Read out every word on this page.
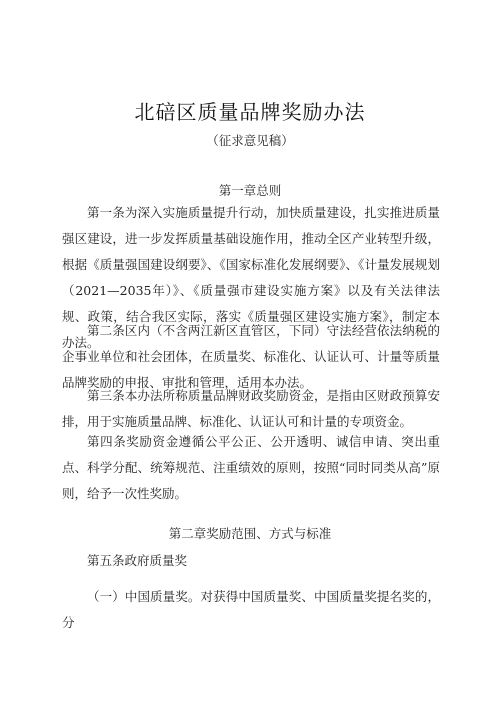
北碚区质量品牌奖励办法
（征求意见稿）
第一章总则
第一条为深入实施质量提升行动，加快质量建设，扎实推进质量强区建设，进一步发挥质量基础设施作用，推动全区产业转型升级，根据《质量强国建设纲要》、《国家标准化发展纲要》、《计量发展规划（2021—2035年）》、《质量强市建设实施方案》以及有关法律法规、政策，结合我区实际，落实《质量强区建设实施方案》，制定本办法。
第二条区内（不含两江新区直管区，下同）守法经营依法纳税的企事业单位和社会团体，在质量奖、标准化、认证认可、计量等质量品牌奖励的申报、审批和管理，适用本办法。
第三条本办法所称质量品牌财政奖励资金，是指由区财政预算安排，用于实施质量品牌、标准化、认证认可和计量的专项资金。
第四条奖励资金遵循公平公正、公开透明、诚信申请、突出重点、科学分配、统筹规范、注重绩效的原则，按照“同时同类从高”原则，给予一次性奖励。
第二章奖励范围、方式与标准
第五条政府质量奖
（一）中国质量奖。对获得中国质量奖、中国质量奖提名奖的，分
